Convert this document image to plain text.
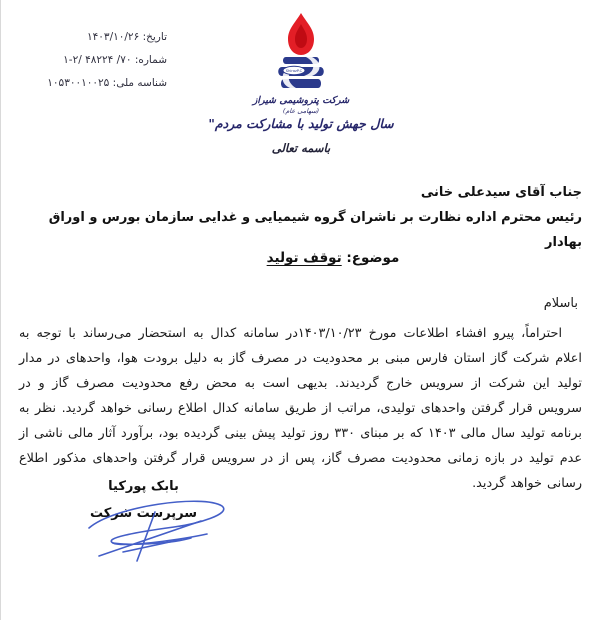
تاریخ:​ ۱۴۰۳/۱۰/۲۶
شماره:​ ۷۰/ ۴۸۲۲۴ /۲-۱
شناسه ملی:​ ۱۰۵۳۰۰۱۰۰۲۵
ShirazP.C
شرکت پتروشیمی شیراز
(سهامی عام)
سال جهش تولید با مشارکت مردم"
باسمه تعالی
جناب آقای سیدعلی خانی
رئیس محترم اداره نظارت بر ناشران گروه شیمیایی و غدایی سازمان بورس و اوراق بهادار
موضوع: توقف تولید
باسلام
احتراماً، پیرو افشاء اطلاعات مورخ ۱۴۰۳/۱۰/۲۳در سامانه کدال به استحضار می‌رساند با توجه به اعلام شرکت گاز استان فارس مبنی بر محدودیت در مصرف گاز به دلیل برودت هوا، واحدهای در مدار تولید این شرکت از سرویس خارج گردیدند. بدیهی است به محض رفع محدودیت مصرف گاز و در سرویس قرار گرفتن واحدهای تولیدی، مراتب از طریق سامانه کدال اطلاع رسانی خواهد گردید. نظر به برنامه تولید سال مالی ۱۴۰۳ که بر مبنای ۳۳۰ روز تولید پیش بینی گردیده بود، برآورد آثار مالی ناشی از عدم تولید در بازه زمانی محدودیت مصرف گاز، پس از در سرویس قرار گرفتن واحدهای مذکور اطلاع رسانی خواهد گردید.
بابک پورکیا
سرپرست شرکت
